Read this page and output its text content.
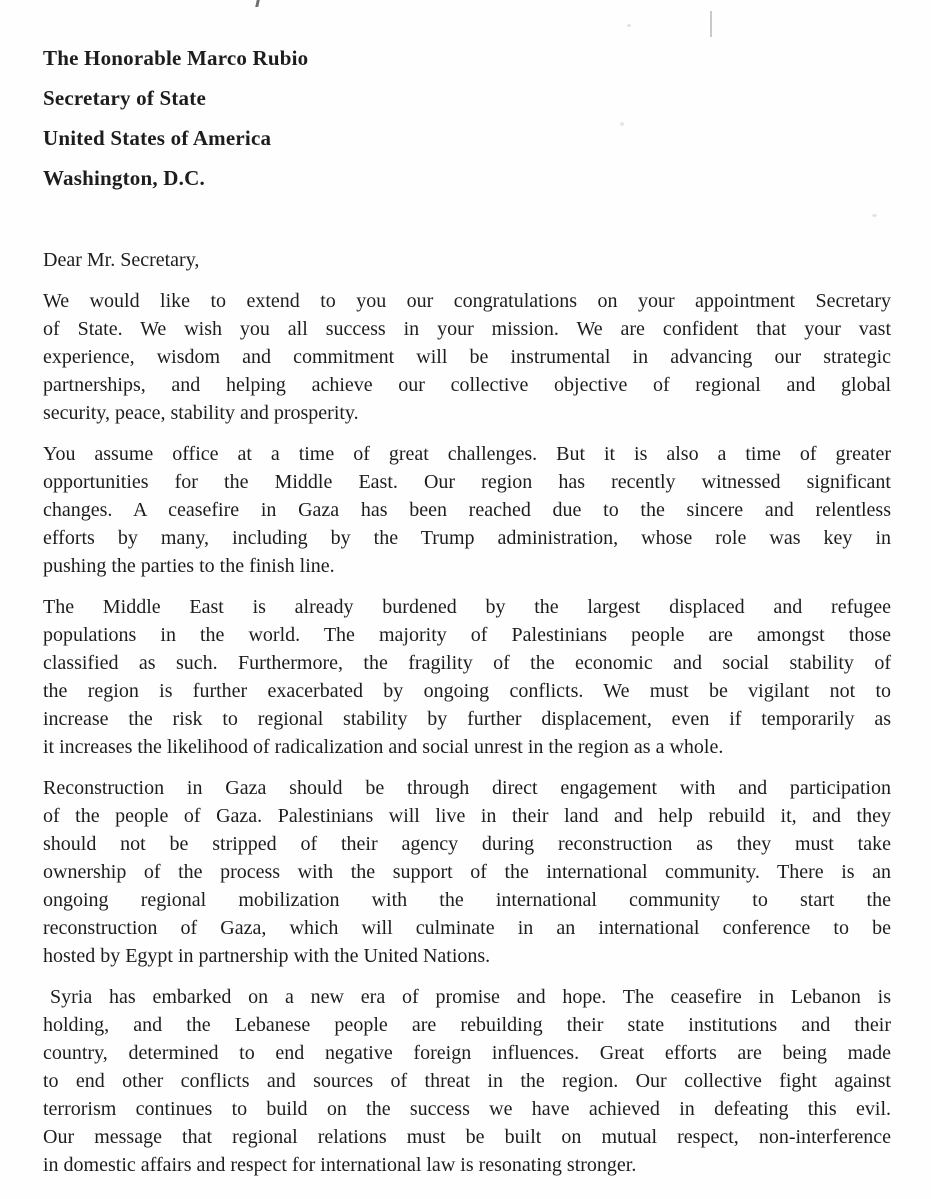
The Honorable Marco Rubio
Secretary of State
United States of America
Washington, D.C.
Dear Mr. Secretary,
We would like to extend to you our congratulations on your appointment Secretary
of State. We wish you all success in your mission. We are confident that your vast
experience, wisdom and commitment will be instrumental in advancing our strategic
partnerships, and helping achieve our collective objective of regional and global
security, peace, stability and prosperity.
You assume office at a time of great challenges. But it is also a time of greater
opportunities for the Middle East. Our region has recently witnessed significant
changes. A ceasefire in Gaza has been reached due to the sincere and relentless
efforts by many, including by the Trump administration, whose role was key in
pushing the parties to the finish line.
The Middle East is already burdened by the largest displaced and refugee
populations in the world. The majority of Palestinians people are amongst those
classified as such. Furthermore, the fragility of the economic and social stability of
the region is further exacerbated by ongoing conflicts. We must be vigilant not to
increase the risk to regional stability by further displacement, even if temporarily as
it increases the likelihood of radicalization and social unrest in the region as a whole.
Reconstruction in Gaza should be through direct engagement with and participation
of the people of Gaza. Palestinians will live in their land and help rebuild it, and they
should not be stripped of their agency during reconstruction as they must take
ownership of the process with the support of the international community. There is an
ongoing regional mobilization with the international community to start the
reconstruction of Gaza, which will culminate in an international conference to be
hosted by Egypt in partnership with the United Nations.
Syria has embarked on a new era of promise and hope. The ceasefire in Lebanon is
holding, and the Lebanese people are rebuilding their state institutions and their
country, determined to end negative foreign influences. Great efforts are being made
to end other conflicts and sources of threat in the region. Our collective fight against
terrorism continues to build on the success we have achieved in defeating this evil.
Our message that regional relations must be built on mutual respect, non-interference
in domestic affairs and respect for international law is resonating stronger.
